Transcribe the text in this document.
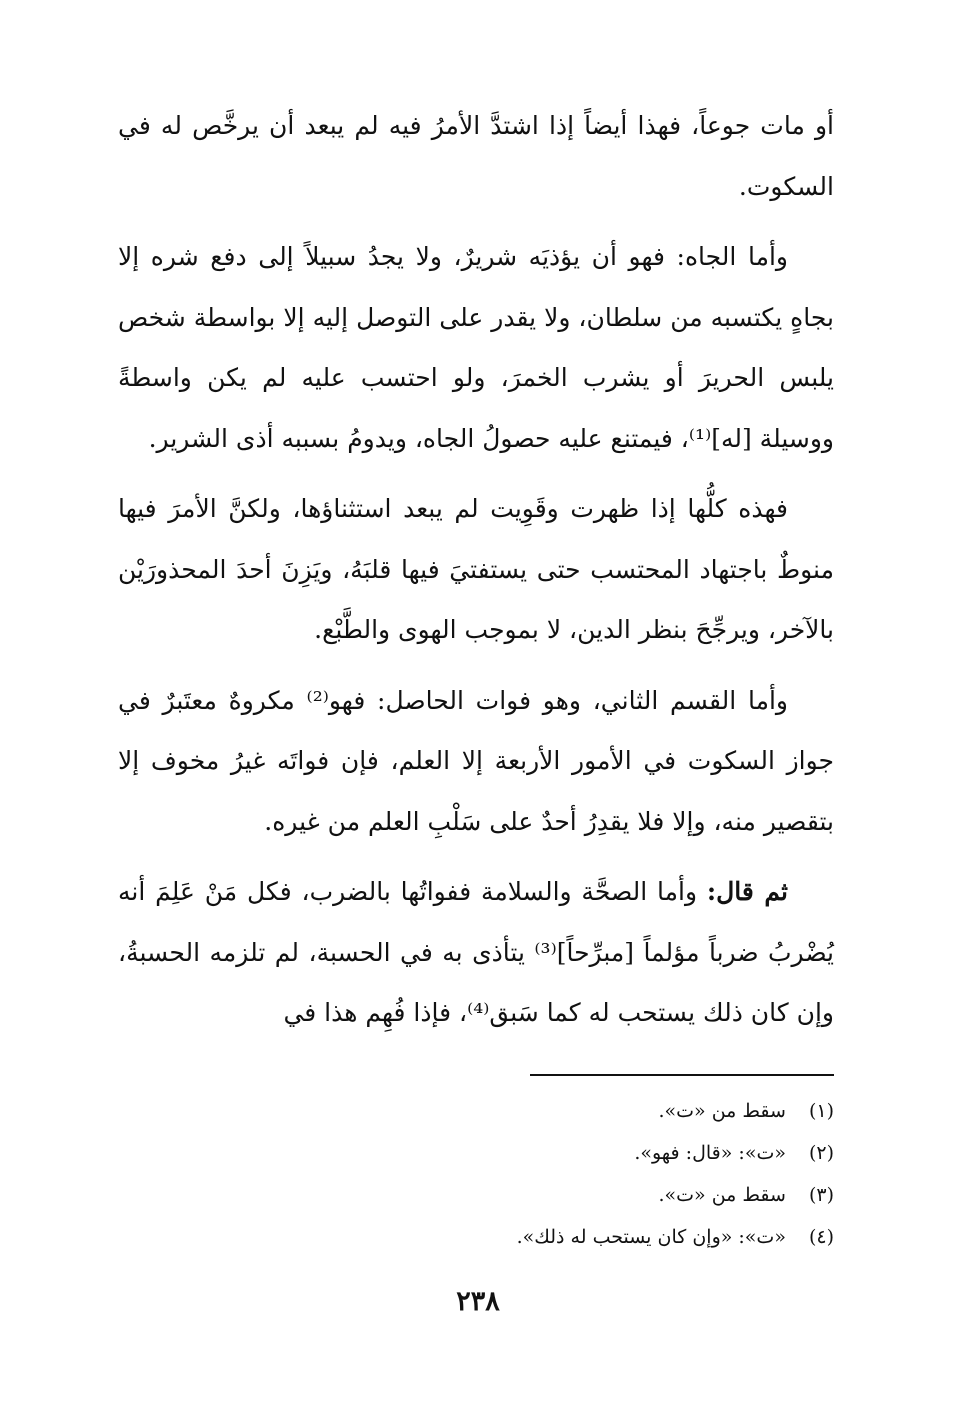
أو مات جوعاً، فهذا أيضاً إذا اشتدَّ الأمرُ فيه لم يبعد أن يرخَّص له في السكوت.

وأما الجاه: فهو أن يؤذيَه شريرٌ، ولا يجدُ سبيلاً إلى دفع شره إلا بجاهٍ يكتسبه من سلطان، ولا يقدر على التوصل إليه إلا بواسطة شخص يلبس الحريرَ أو يشرب الخمرَ، ولو احتسب عليه لم يكن واسطةً ووسيلة [له]⁽¹⁾، فيمتنع عليه حصولُ الجاه، ويدومُ بسببه أذى الشرير.

فهذه كلُّها إذا ظهرت وقَوِيت لم يبعد استثناؤها، ولكنَّ الأمرَ فيها منوطٌ باجتهاد المحتسب حتى يستفتيَ فيها قلبَهُ، ويَزِنَ أحدَ المحذورَيْن بالآخر، ويرجِّحَ بنظر الدين، لا بموجب الهوى والطَّبْع.

وأما القسم الثاني، وهو فوات الحاصل: فهو⁽²⁾ مكروهٌ معتَبرٌ في جواز السكوت في الأمور الأربعة إلا العلم، فإن فواتَه غيرُ مخوف إلا بتقصير منه، وإلا فلا يقدِرُ أحدٌ على سَلْبِ العلم من غيره.

ثم قال: وأما الصحَّة والسلامة ففواتُها بالضرب، فكل مَنْ عَلِمَ أنه يُضْربُ ضرباً مؤلماً [مبرِّحاً]⁽³⁾ يتأذى به في الحسبة، لم تلزمه الحسبةُ، وإن كان ذلك يستحب له كما سَبق⁽⁴⁾، فإذا فُهِم هذا في

(١) سقط من «ت».
(٢) «ت»: «قال: فهو».
(٣) سقط من «ت».
(٤) «ت»: «وإن كان يستحب له ذلك».
٢٣٨
